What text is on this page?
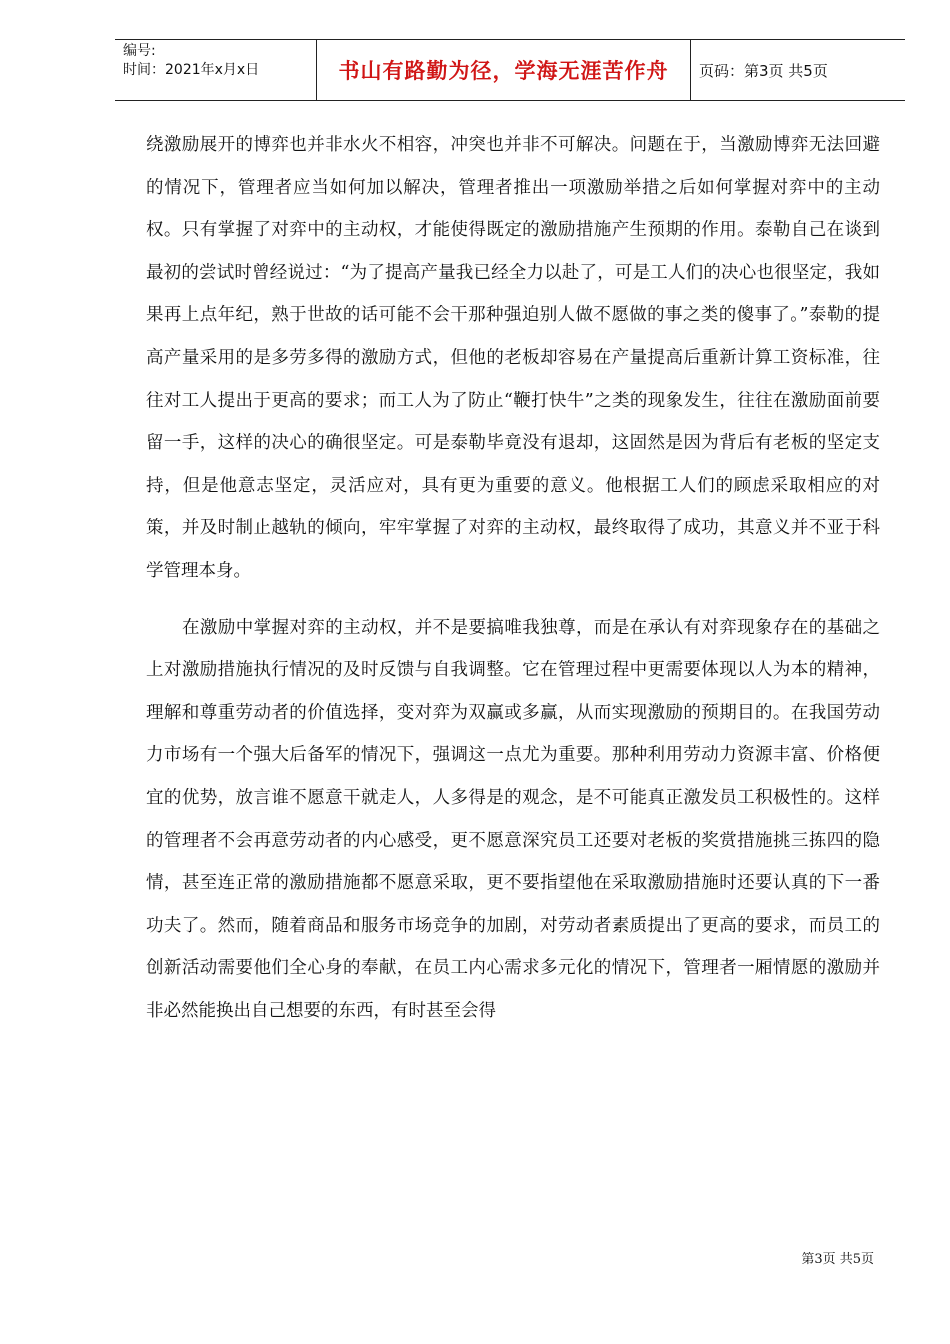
编号:
时间：2021年x月x日	书山有路勤为径，学海无涯苦作舟	页码：第3页 共5页

绕激励展开的博弈也并非水火不相容，冲突也并非不可解决。问题在于，当激励博弈无法回避的情况下，管理者应当如何加以解决，管理者推出一项激励举措之后如何掌握对弈中的主动权。只有掌握了对弈中的主动权，才能使得既定的激励措施产生预期的作用。泰勒自己在谈到最初的尝试时曾经说过：“为了提高产量我已经全力以赴了，可是工人们的决心也很坚定，我如果再上点年纪，熟于世故的话可能不会干那种强迫别人做不愿做的事之类的傻事了。”泰勒的提高产量采用的是多劳多得的激励方式，但他的老板却容易在产量提高后重新计算工资标准，往往对工人提出于更高的要求；而工人为了防止“鞭打快牛”之类的现象发生，往往在激励面前要留一手，这样的决心的确很坚定。可是泰勒毕竟没有退却，这固然是因为背后有老板的坚定支持，但是他意志坚定，灵活应对，具有更为重要的意义。他根据工人们的顾虑采取相应的对策，并及时制止越轨的倾向，牢牢掌握了对弈的主动权，最终取得了成功，其意义并不亚于科学管理本身。

在激励中掌握对弈的主动权，并不是要搞唯我独尊，而是在承认有对弈现象存在的基础之上对激励措施执行情况的及时反馈与自我调整。它在管理过程中更需要体现以人为本的精神，理解和尊重劳动者的价值选择，变对弈为双赢或多赢，从而实现激励的预期目的。在我国劳动力市场有一个强大后备军的情况下，强调这一点尤为重要。那种利用劳动力资源丰富、价格便宜的优势，放言谁不愿意干就走人，人多得是的观念，是不可能真正激发员工积极性的。这样的管理者不会再意劳动者的内心感受，更不愿意深究员工还要对老板的奖赏措施挑三拣四的隐情，甚至连正常的激励措施都不愿意采取，更不要指望他在采取激励措施时还要认真的下一番功夫了。然而，随着商品和服务市场竞争的加剧，对劳动者素质提出了更高的要求，而员工的创新活动需要他们全心身的奉献，在员工内心需求多元化的情况下，管理者一厢情愿的激励并非必然能换出自己想要的东西，有时甚至会得

第3页 共5页
